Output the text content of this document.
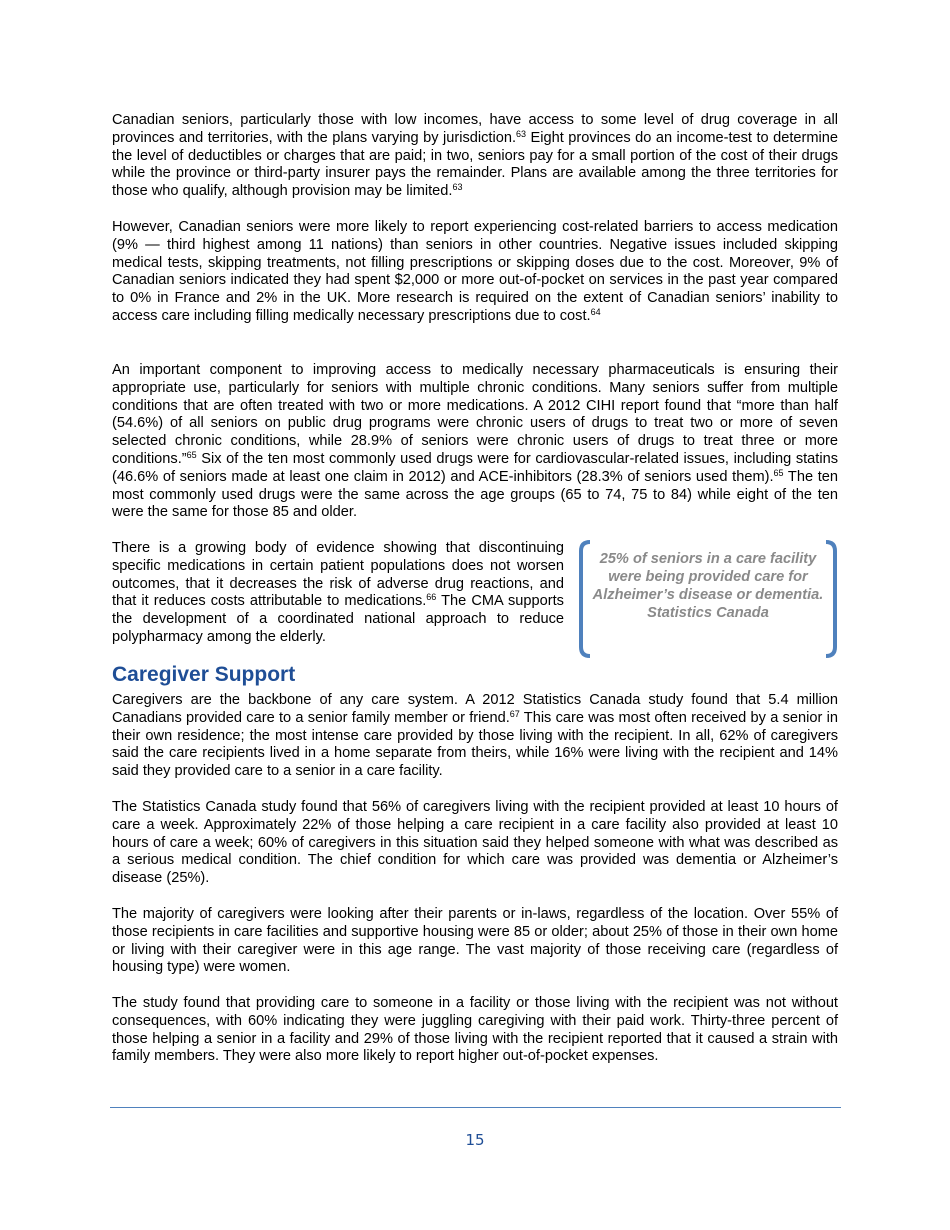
Canadian seniors, particularly those with low incomes, have access to some level of drug coverage in all provinces and territories, with the plans varying by jurisdiction.$^{63}$ Eight provinces do an income-test to determine the level of deductibles or charges that are paid; in two, seniors pay for a small portion of the cost of their drugs while the province or third-party insurer pays the remainder. Plans are available among the three territories for those who qualify, although provision may be limited.$^{63}$

However, Canadian seniors were more likely to report experiencing cost-related barriers to access medication (9% — third highest among 11 nations) than seniors in other countries. Negative issues included skipping medical tests, skipping treatments, not filling prescriptions or skipping doses due to the cost. Moreover, 9% of Canadian seniors indicated they had spent $2,000 or more out-of-pocket on services in the past year compared to 0% in France and 2% in the UK. More research is required on the extent of Canadian seniors’ inability to access care including filling medically necessary prescriptions due to cost.$^{64}$

An important component to improving access to medically necessary pharmaceuticals is ensuring their appropriate use, particularly for seniors with multiple chronic conditions. Many seniors suffer from multiple conditions that are often treated with two or more medications. A 2012 CIHI report found that “more than half (54.6%) of all seniors on public drug programs were chronic users of drugs to treat two or more of seven selected chronic conditions, while 28.9% of seniors were chronic users of drugs to treat three or more conditions.”$^{65}$ Six of the ten most commonly used drugs were for cardiovascular-related issues, including statins (46.6% of seniors made at least one claim in 2012) and ACE-inhibitors (28.3% of seniors used them).$^{65}$ The ten most commonly used drugs were the same across the age groups (65 to 74, 75 to 84) while eight of the ten were the same for those 85 and older.

There is a growing body of evidence showing that discontinuing specific medications in certain patient populations does not worsen outcomes, that it decreases the risk of adverse drug reactions, and that it reduces costs attributable to medications.$^{66}$ The CMA supports the development of a coordinated national approach to reduce polypharmacy among the elderly.

25% of seniors in a care facility were being provided care for Alzheimer’s disease or dementia.
Statistics Canada
Caregiver Support

Caregivers are the backbone of any care system. A 2012 Statistics Canada study found that 5.4 million Canadians provided care to a senior family member or friend.$^{67}$ This care was most often received by a senior in their own residence; the most intense care provided by those living with the recipient. In all, 62% of caregivers said the care recipients lived in a home separate from theirs, while 16% were living with the recipient and 14% said they provided care to a senior in a care facility.

The Statistics Canada study found that 56% of caregivers living with the recipient provided at least 10 hours of care a week. Approximately 22% of those helping a care recipient in a care facility also provided at least 10 hours of care a week; 60% of caregivers in this situation said they helped someone with what was described as a serious medical condition. The chief condition for which care was provided was dementia or Alzheimer’s disease (25%).

The majority of caregivers were looking after their parents or in-laws, regardless of the location. Over 55% of those recipients in care facilities and supportive housing were 85 or older; about 25% of those in their own home or living with their caregiver were in this age range. The vast majority of those receiving care (regardless of housing type) were women.

The study found that providing care to someone in a facility or those living with the recipient was not without consequences, with 60% indicating they were juggling caregiving with their paid work. Thirty-three percent of those helping a senior in a facility and 29% of those living with the recipient reported that it caused a strain with family members. They were also more likely to report higher out-of-pocket expenses.

15
